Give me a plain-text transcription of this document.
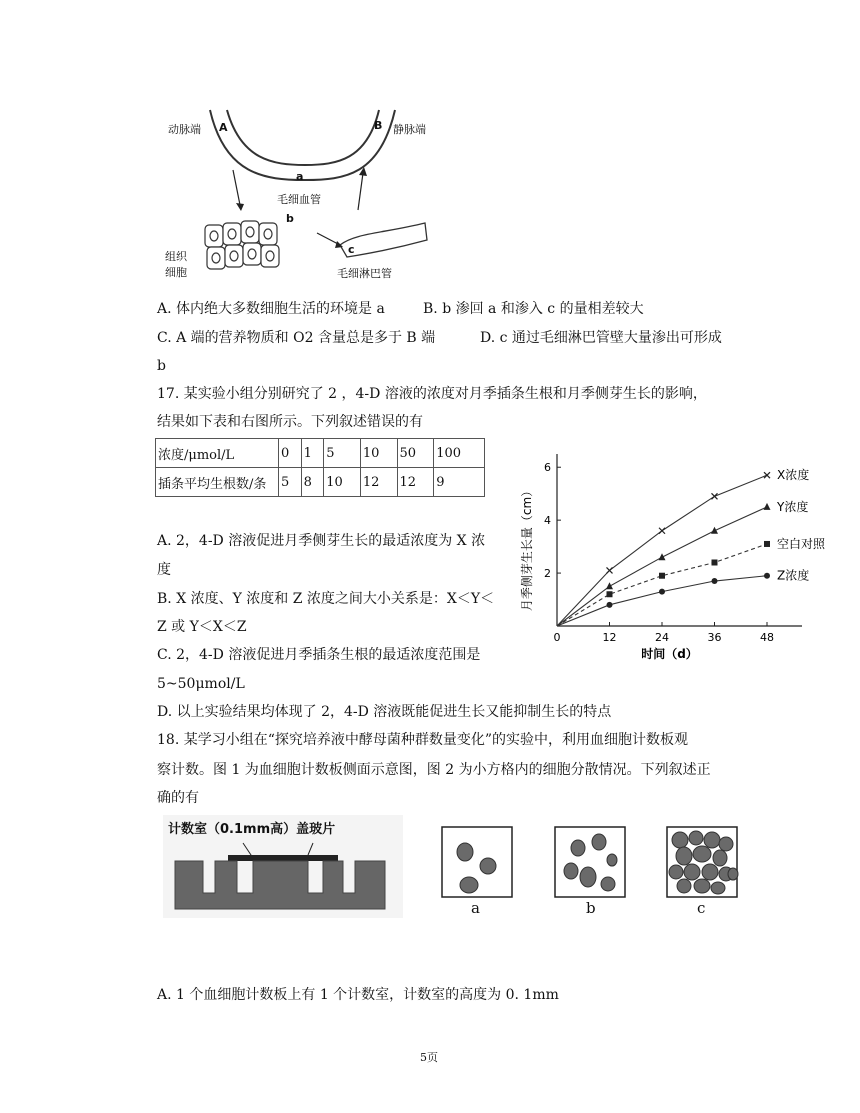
动脉端 A	B 静脉端
a
毛细血管
b
c
组织
细胞	毛细淋巴管
A. 体内绝大多数细胞生活的环境是 a	B. b 渗回 a 和渗入 c 的量相差较大
C. A 端的营养物质和 O2 含量总是多于 B 端	D. c 通过毛细淋巴管壁大量渗出可形成
b
17. 某实验小组分别研究了 2 ，4-D 溶液的浓度对月季插条生根和月季侧芽生长的影响，
结果如下表和右图所示。下列叙述错误的有
浓度/μmol/L	0	1	5	10	50	100
插条平均生根数/条	5	8	10	12	12	9
A. 2，4-D 溶液促进月季侧芽生长的最适浓度为 X 浓
度
B. X 浓度、Y 浓度和 Z 浓度之间大小关系是：X＜Y＜
Z 或 Y＜X＜Z
C. 2，4-D 溶液促进月季插条生根的最适浓度范围是
5~50μmol/L
D. 以上实验结果均体现了 2，4-D 溶液既能促进生长又能抑制生长的特点
0	12	24	36	48
2
4
6
时间（d）
月季侧芽生长量（cm）
X浓度
Y浓度
空白对照
Z浓度
18. 某学习小组在“探究培养液中酵母菌种群数量变化”的实验中，利用血细胞计数板观
察计数。图 1 为血细胞计数板侧面示意图，图 2 为小方格内的细胞分散情况。下列叙述正
确的有
计数室（0.1mm高）盖玻片
a	b	c
A. 1 个血细胞计数板上有 1 个计数室，计数室的高度为 0. 1mm
5页
